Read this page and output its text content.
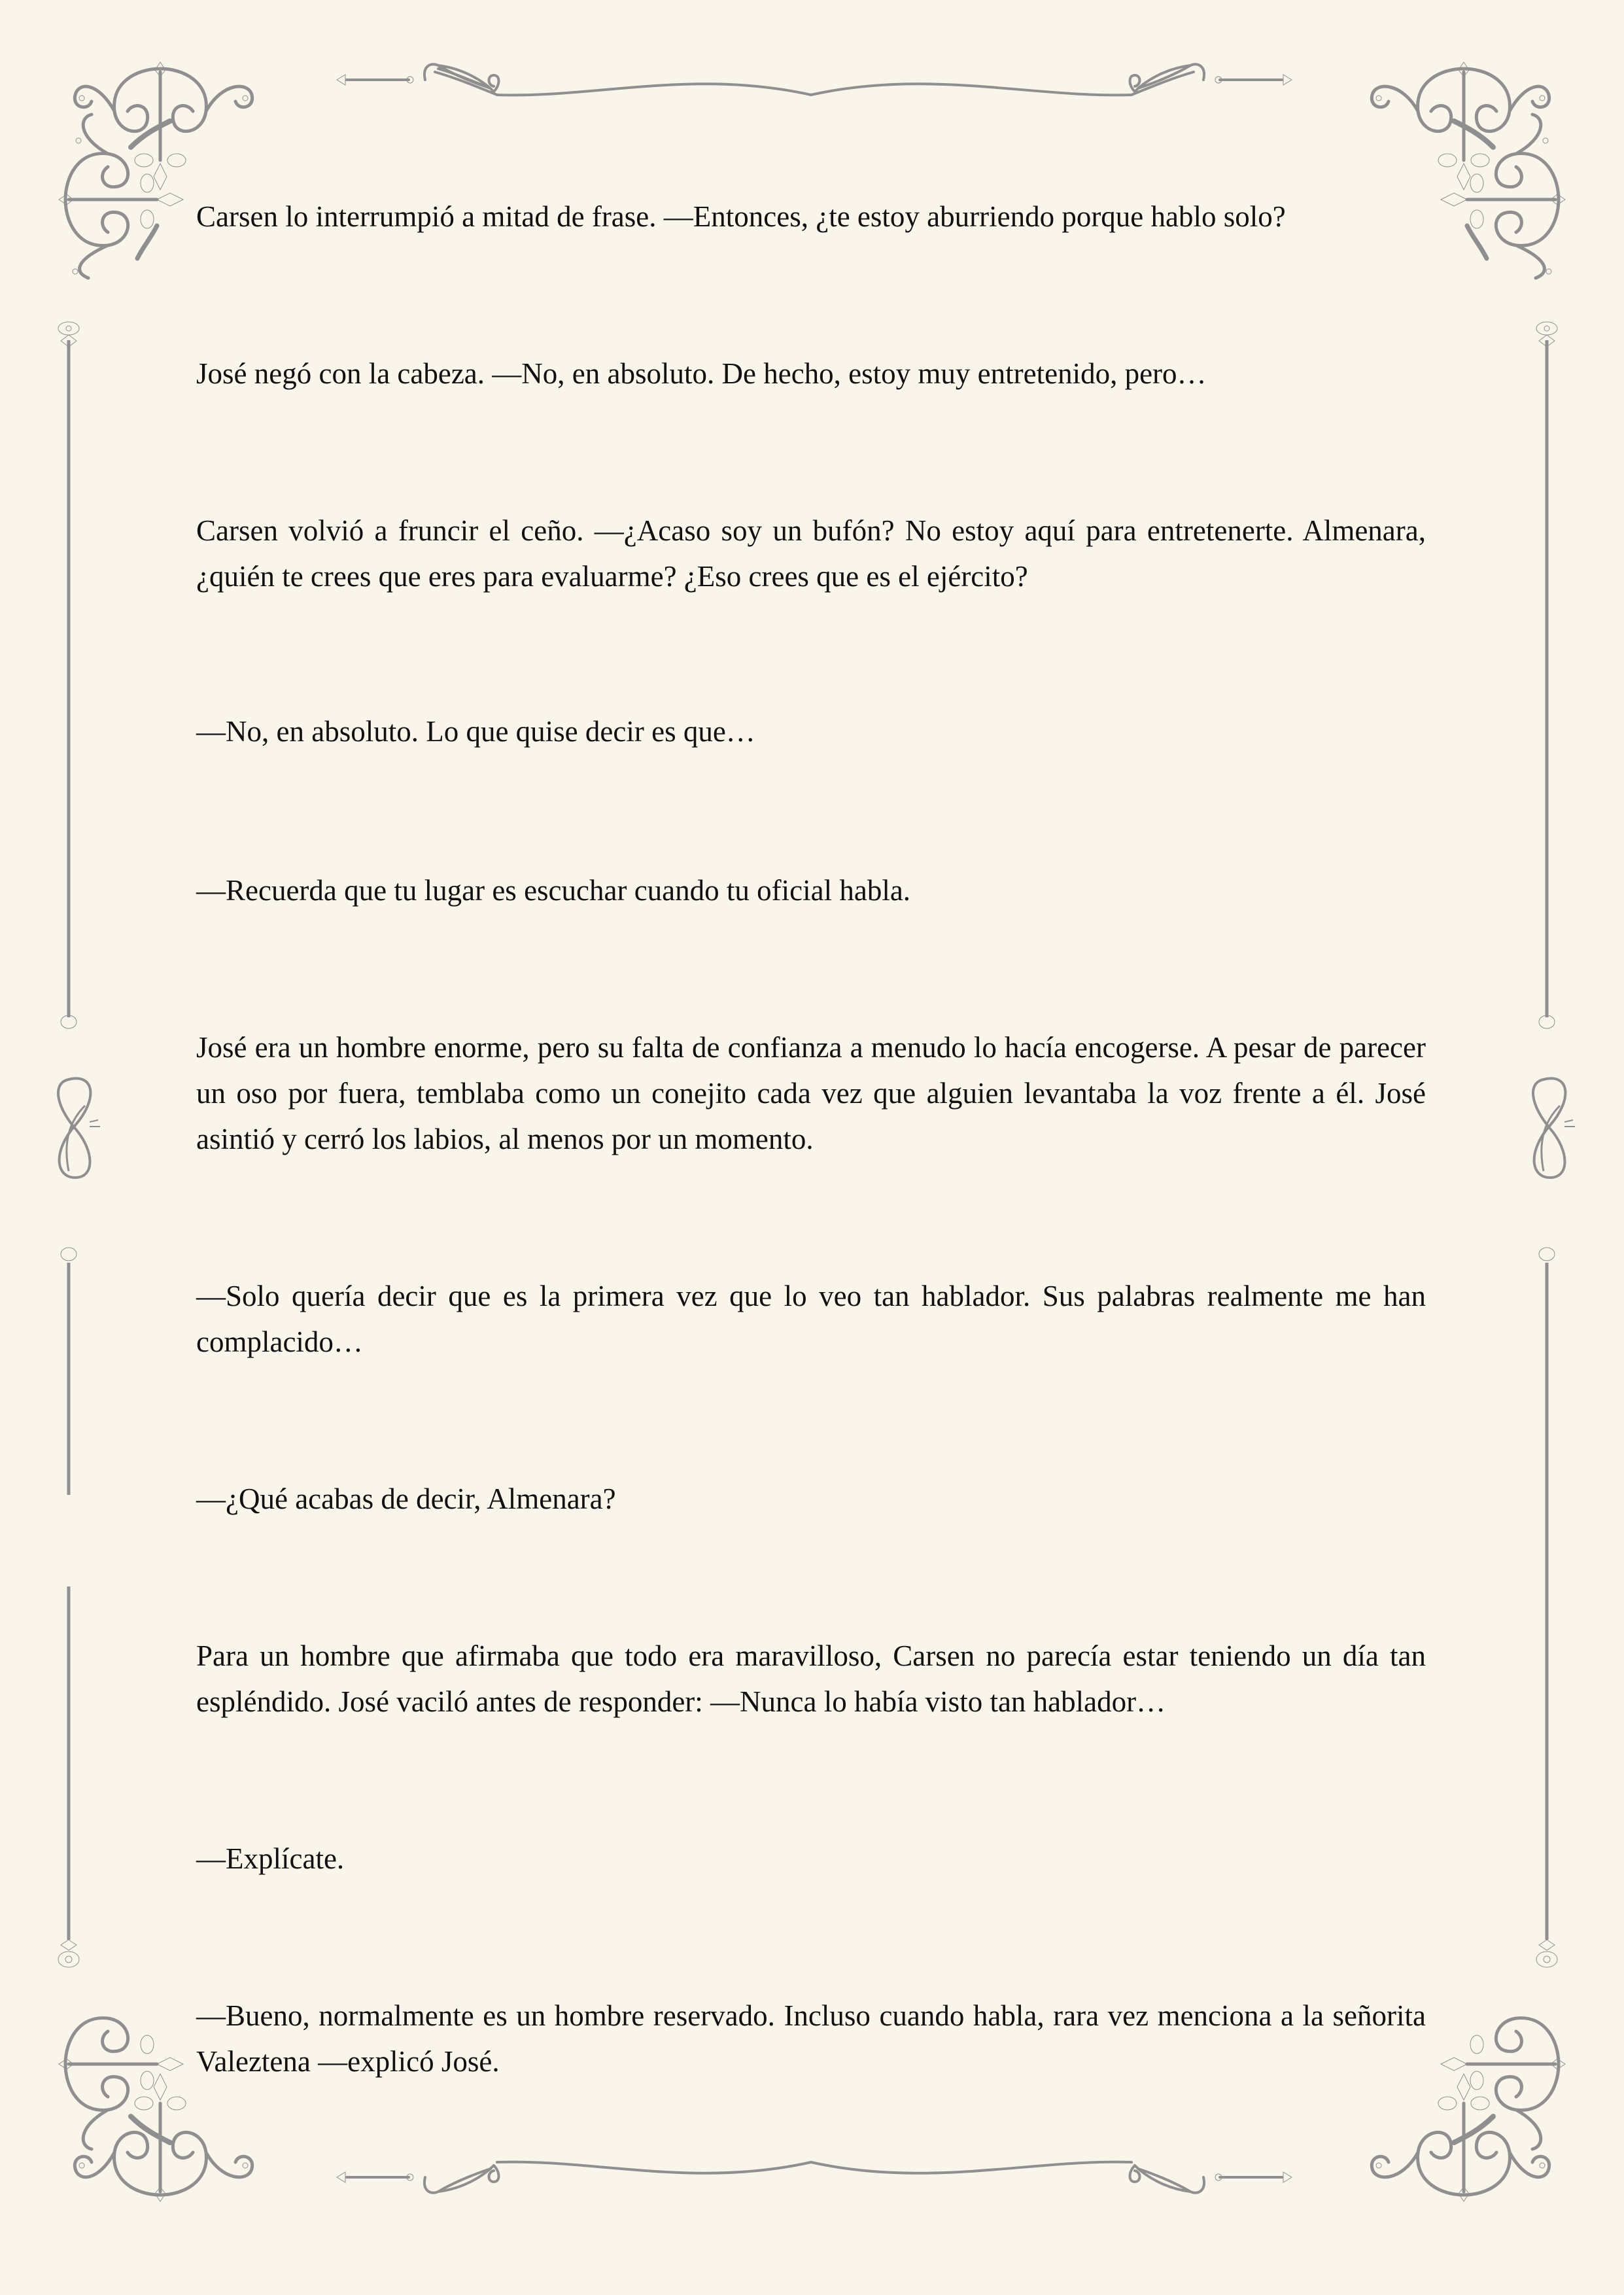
Carsen lo interrumpió a mitad de frase. —Entonces, ¿te estoy aburriendo porque hablo solo?

José negó con la cabeza. —No, en absoluto. De hecho, estoy muy entretenido, pero…

Carsen volvió a fruncir el ceño. —¿Acaso soy un bufón? No estoy aquí para entretenerte. Almenara, ¿quién te crees que eres para evaluarme? ¿Eso crees que es el ejército?

—No, en absoluto. Lo que quise decir es que…

—Recuerda que tu lugar es escuchar cuando tu oficial habla.

José era un hombre enorme, pero su falta de confianza a menudo lo hacía encogerse. A pesar de parecer un oso por fuera, temblaba como un conejito cada vez que alguien levantaba la voz frente a él. José asintió y cerró los labios, al menos por un momento.

—Solo quería decir que es la primera vez que lo veo tan hablador. Sus palabras realmente me han complacido…

—¿Qué acabas de decir, Almenara?

Para un hombre que afirmaba que todo era maravilloso, Carsen no parecía estar teniendo un día tan espléndido. José vaciló antes de responder: —Nunca lo había visto tan hablador…

—Explícate.

—Bueno, normalmente es un hombre reservado. Incluso cuando habla, rara vez menciona a la señorita Valeztena —explicó José.
